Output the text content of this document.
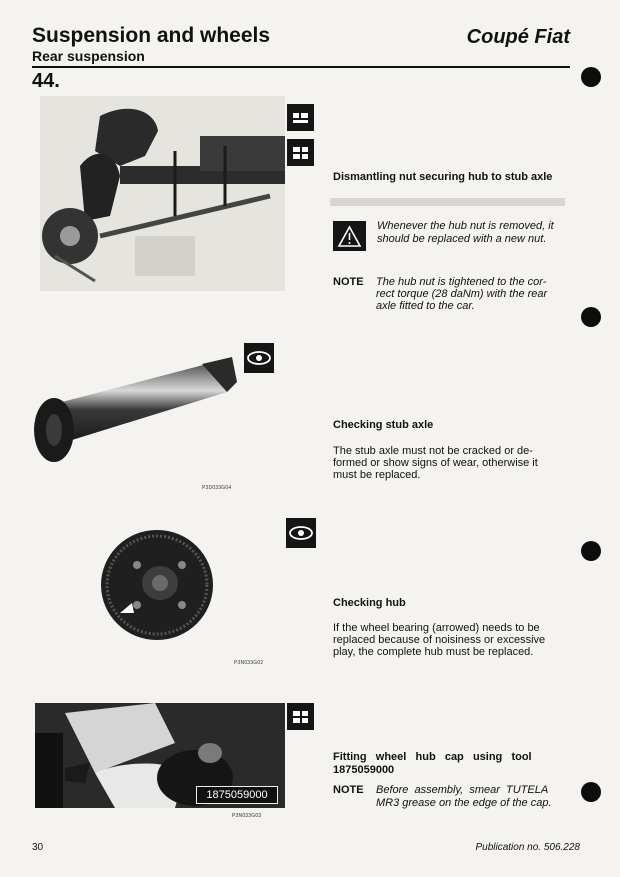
Suspension and wheels
Rear suspension
Coupé Fiat
44.
Dismantling nut securing hub to stub axle
Whenever the hub nut is removed, it
should be replaced with a new nut.
NOTE The hub nut is tightened to the cor-
rect torque (28 daNm) with the rear
axle fitted to the car.
P3D033G04
Checking stub axle
The stub axle must not be cracked or de-
formed or show signs of wear, otherwise it
must be replaced.
P3N033G02
Checking hub
If the wheel bearing (arrowed) needs to be
replaced because of noisiness or excessive
play, the complete hub must be replaced.
1875059000
P3N033G03
Fitting   wheel   hub   cap   using   tool
1875059000
NOTE Before  assembly,  smear  TUTELA
MR3 grease on the edge of the cap.
30	Publication no. 506.228
